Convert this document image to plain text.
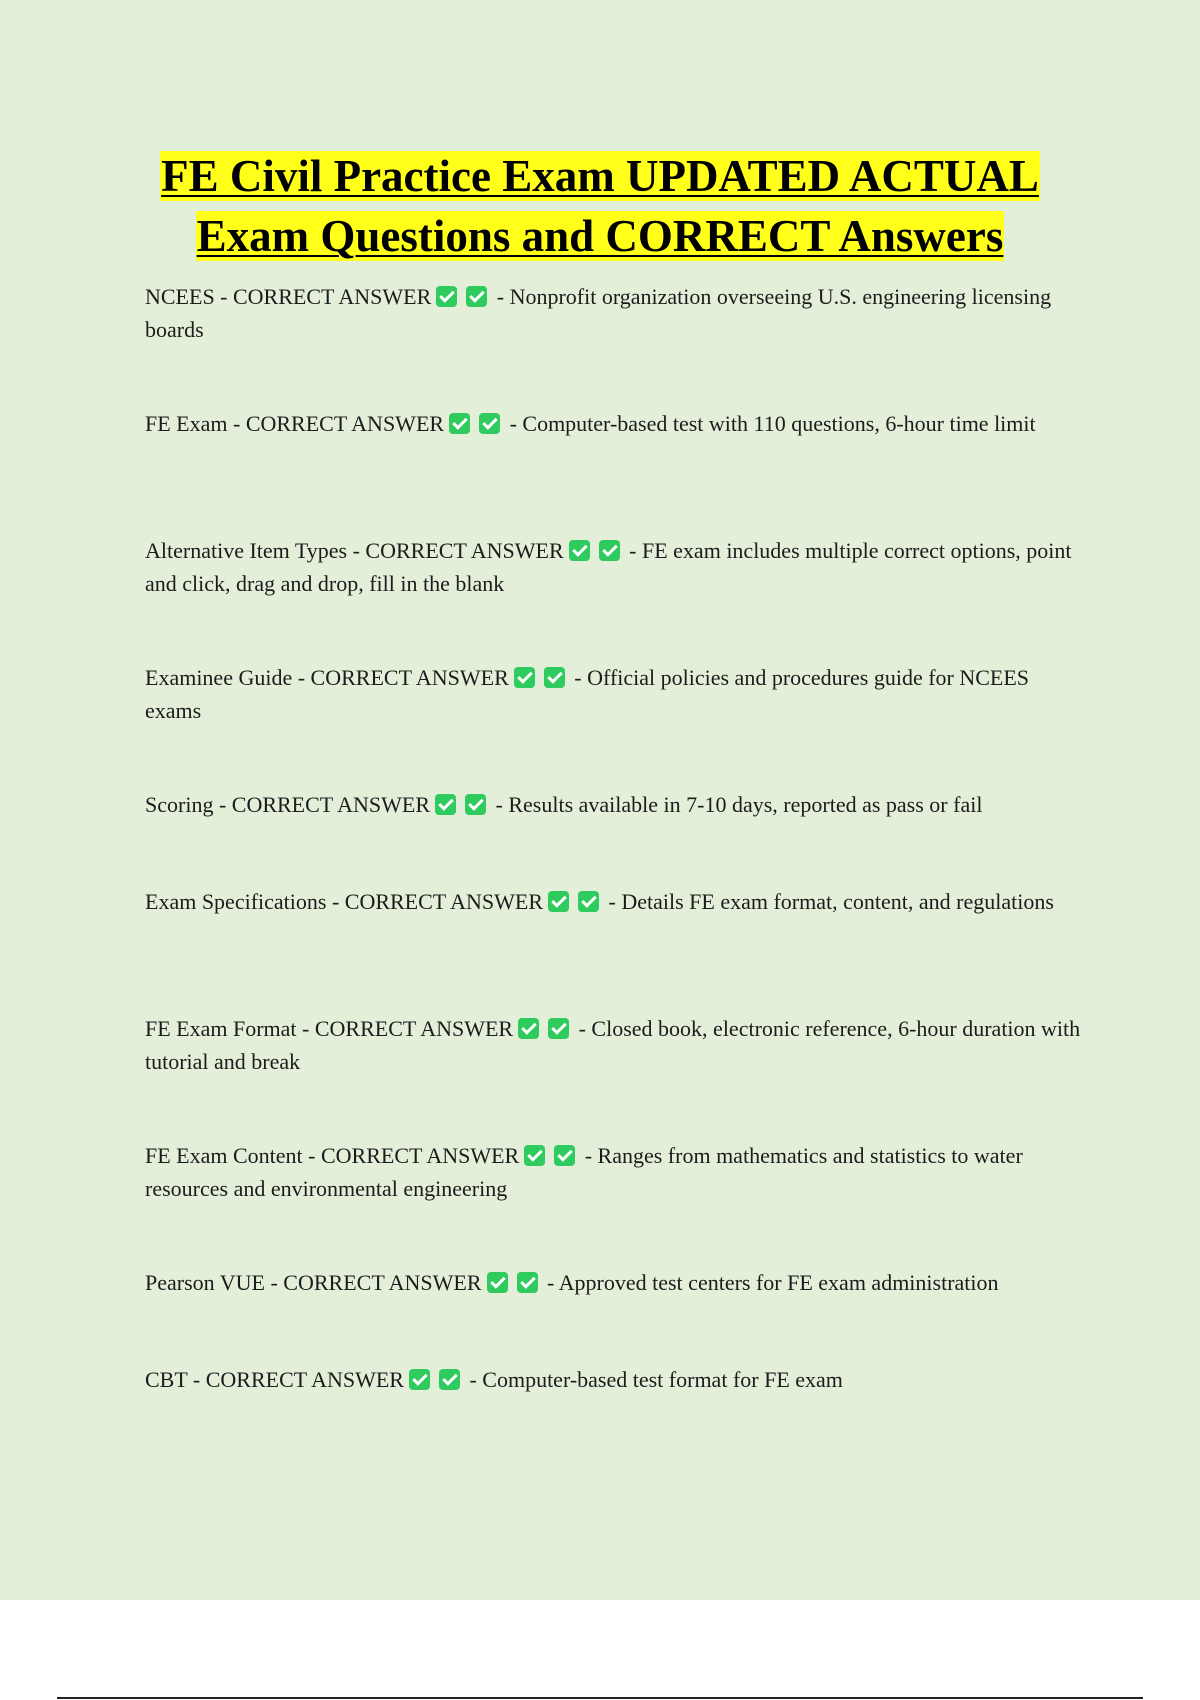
FE Civil Practice Exam UPDATED ACTUAL
Exam Questions and CORRECT Answers

NCEES - CORRECT ANSWER	- Nonprofit organization overseeing U.S. engineering licensing boards

FE Exam - CORRECT ANSWER	- Computer-based test with 110 questions, 6-hour time limit

Alternative Item Types - CORRECT ANSWER	- FE exam includes multiple correct options, point and click, drag and drop, fill in the blank

Examinee Guide - CORRECT ANSWER	- Official policies and procedures guide for NCEES exams

Scoring - CORRECT ANSWER	- Results available in 7-10 days, reported as pass or fail

Exam Specifications - CORRECT ANSWER	- Details FE exam format, content, and regulations

FE Exam Format - CORRECT ANSWER	- Closed book, electronic reference, 6-hour duration with tutorial and break

FE Exam Content - CORRECT ANSWER	- Ranges from mathematics and statistics to water resources and environmental engineering

Pearson VUE - CORRECT ANSWER	- Approved test centers for FE exam administration

CBT - CORRECT ANSWER	- Computer-based test format for FE exam
